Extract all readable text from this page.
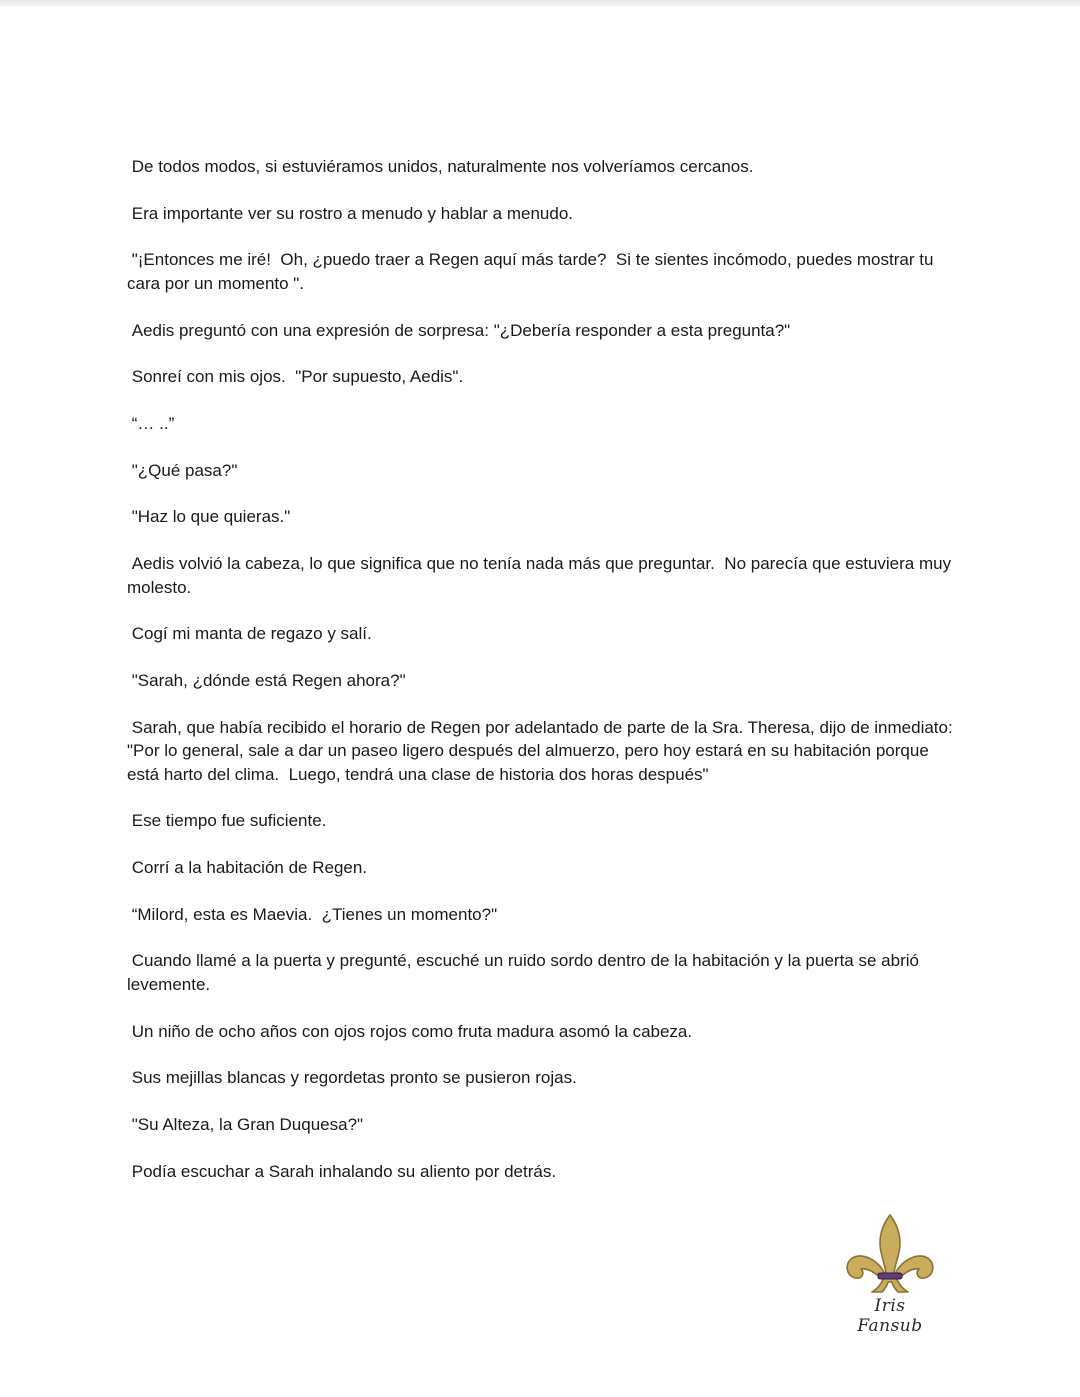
De todos modos, si estuviéramos unidos, naturalmente nos volveríamos cercanos.

Era importante ver su rostro a menudo y hablar a menudo.

"¡Entonces me iré!  Oh, ¿puedo traer a Regen aquí más tarde?  Si te sientes incómodo, puedes mostrar tu cara por un momento ".

Aedis preguntó con una expresión de sorpresa: "¿Debería responder a esta pregunta?"

Sonreí con mis ojos.  "Por supuesto, Aedis".

“… ..”

"¿Qué pasa?"

"Haz lo que quieras."

Aedis volvió la cabeza, lo que significa que no tenía nada más que preguntar.  No parecía que estuviera muy molesto.

Cogí mi manta de regazo y salí.

"Sarah, ¿dónde está Regen ahora?"

Sarah, que había recibido el horario de Regen por adelantado de parte de la Sra. Theresa, dijo de inmediato: "Por lo general, sale a dar un paseo ligero después del almuerzo, pero hoy estará en su habitación porque está harto del clima.  Luego, tendrá una clase de historia dos horas después"

Ese tiempo fue suficiente.

Corrí a la habitación de Regen.

“Milord, esta es Maevia.  ¿Tienes un momento?"

Cuando llamé a la puerta y pregunté, escuché un ruido sordo dentro de la habitación y la puerta se abrió levemente.

Un niño de ocho años con ojos rojos como fruta madura asomó la cabeza.

Sus mejillas blancas y regordetas pronto se pusieron rojas.

"Su Alteza, la Gran Duquesa?"

Podía escuchar a Sarah inhalando su aliento por detrás.

Iris Fansub
